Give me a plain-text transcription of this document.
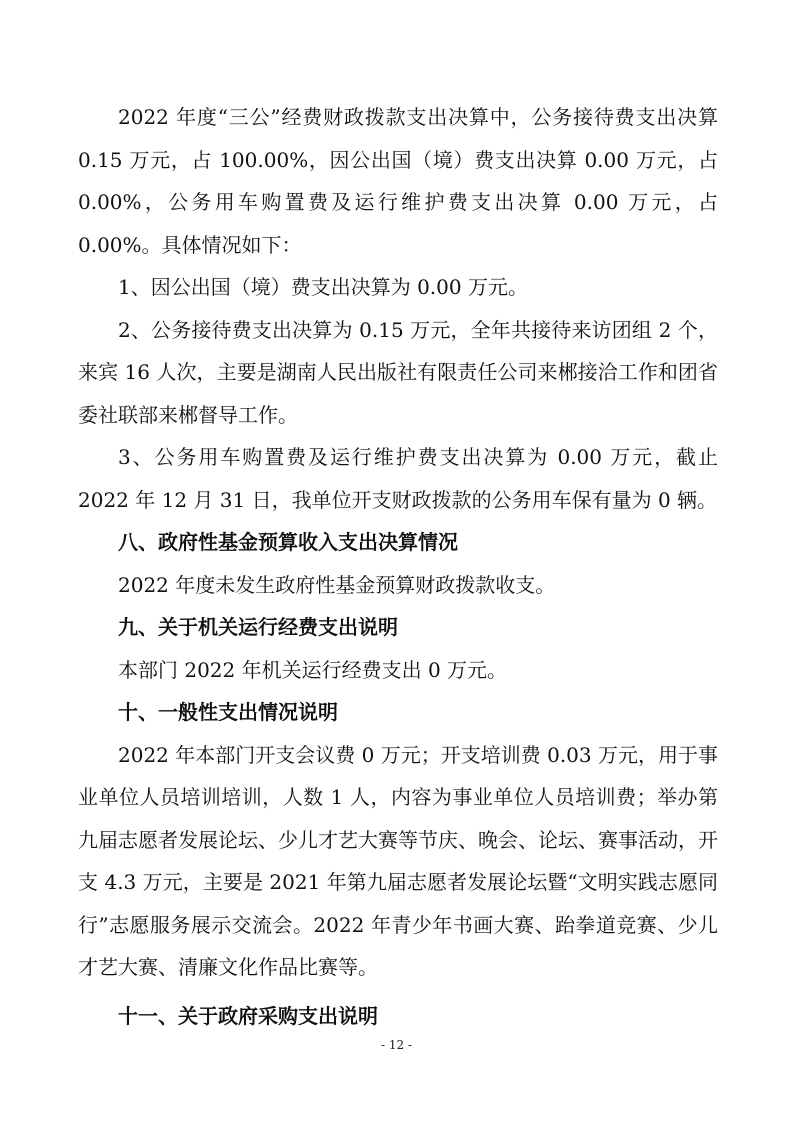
2022 年度“三公”经费财政拨款支出决算中，公务接待费支出决算 0.15 万元，占 100.00%，因公出国（境）费支出决算 0.00 万元，占 0.00%，公务用车购置费及运行维护费支出决算 0.00 万元，占 0.00%。具体情况如下：

1、因公出国（境）费支出决算为 0.00 万元。

2、公务接待费支出决算为 0.15 万元，全年共接待来访团组 2 个，来宾 16 人次，主要是湖南人民出版社有限责任公司来郴接洽工作和团省委社联部来郴督导工作。

3、公务用车购置费及运行维护费支出决算为 0.00 万元，截止 2022 年 12 月 31 日，我单位开支财政拨款的公务用车保有量为 0 辆。

八、政府性基金预算收入支出决算情况

2022 年度未发生政府性基金预算财政拨款收支。

九、关于机关运行经费支出说明

本部门 2022 年机关运行经费支出 0 万元。

十、一般性支出情况说明

2022 年本部门开支会议费 0 万元；开支培训费 0.03 万元，用于事业单位人员培训培训，人数 1 人，内容为事业单位人员培训费；举办第九届志愿者发展论坛、少儿才艺大赛等节庆、晚会、论坛、赛事活动，开支 4.3 万元，主要是 2021 年第九届志愿者发展论坛暨“文明实践志愿同行”志愿服务展示交流会。2022 年青少年书画大赛、跆拳道竞赛、少儿才艺大赛、清廉文化作品比赛等。

十一、关于政府采购支出说明
- 12 -
